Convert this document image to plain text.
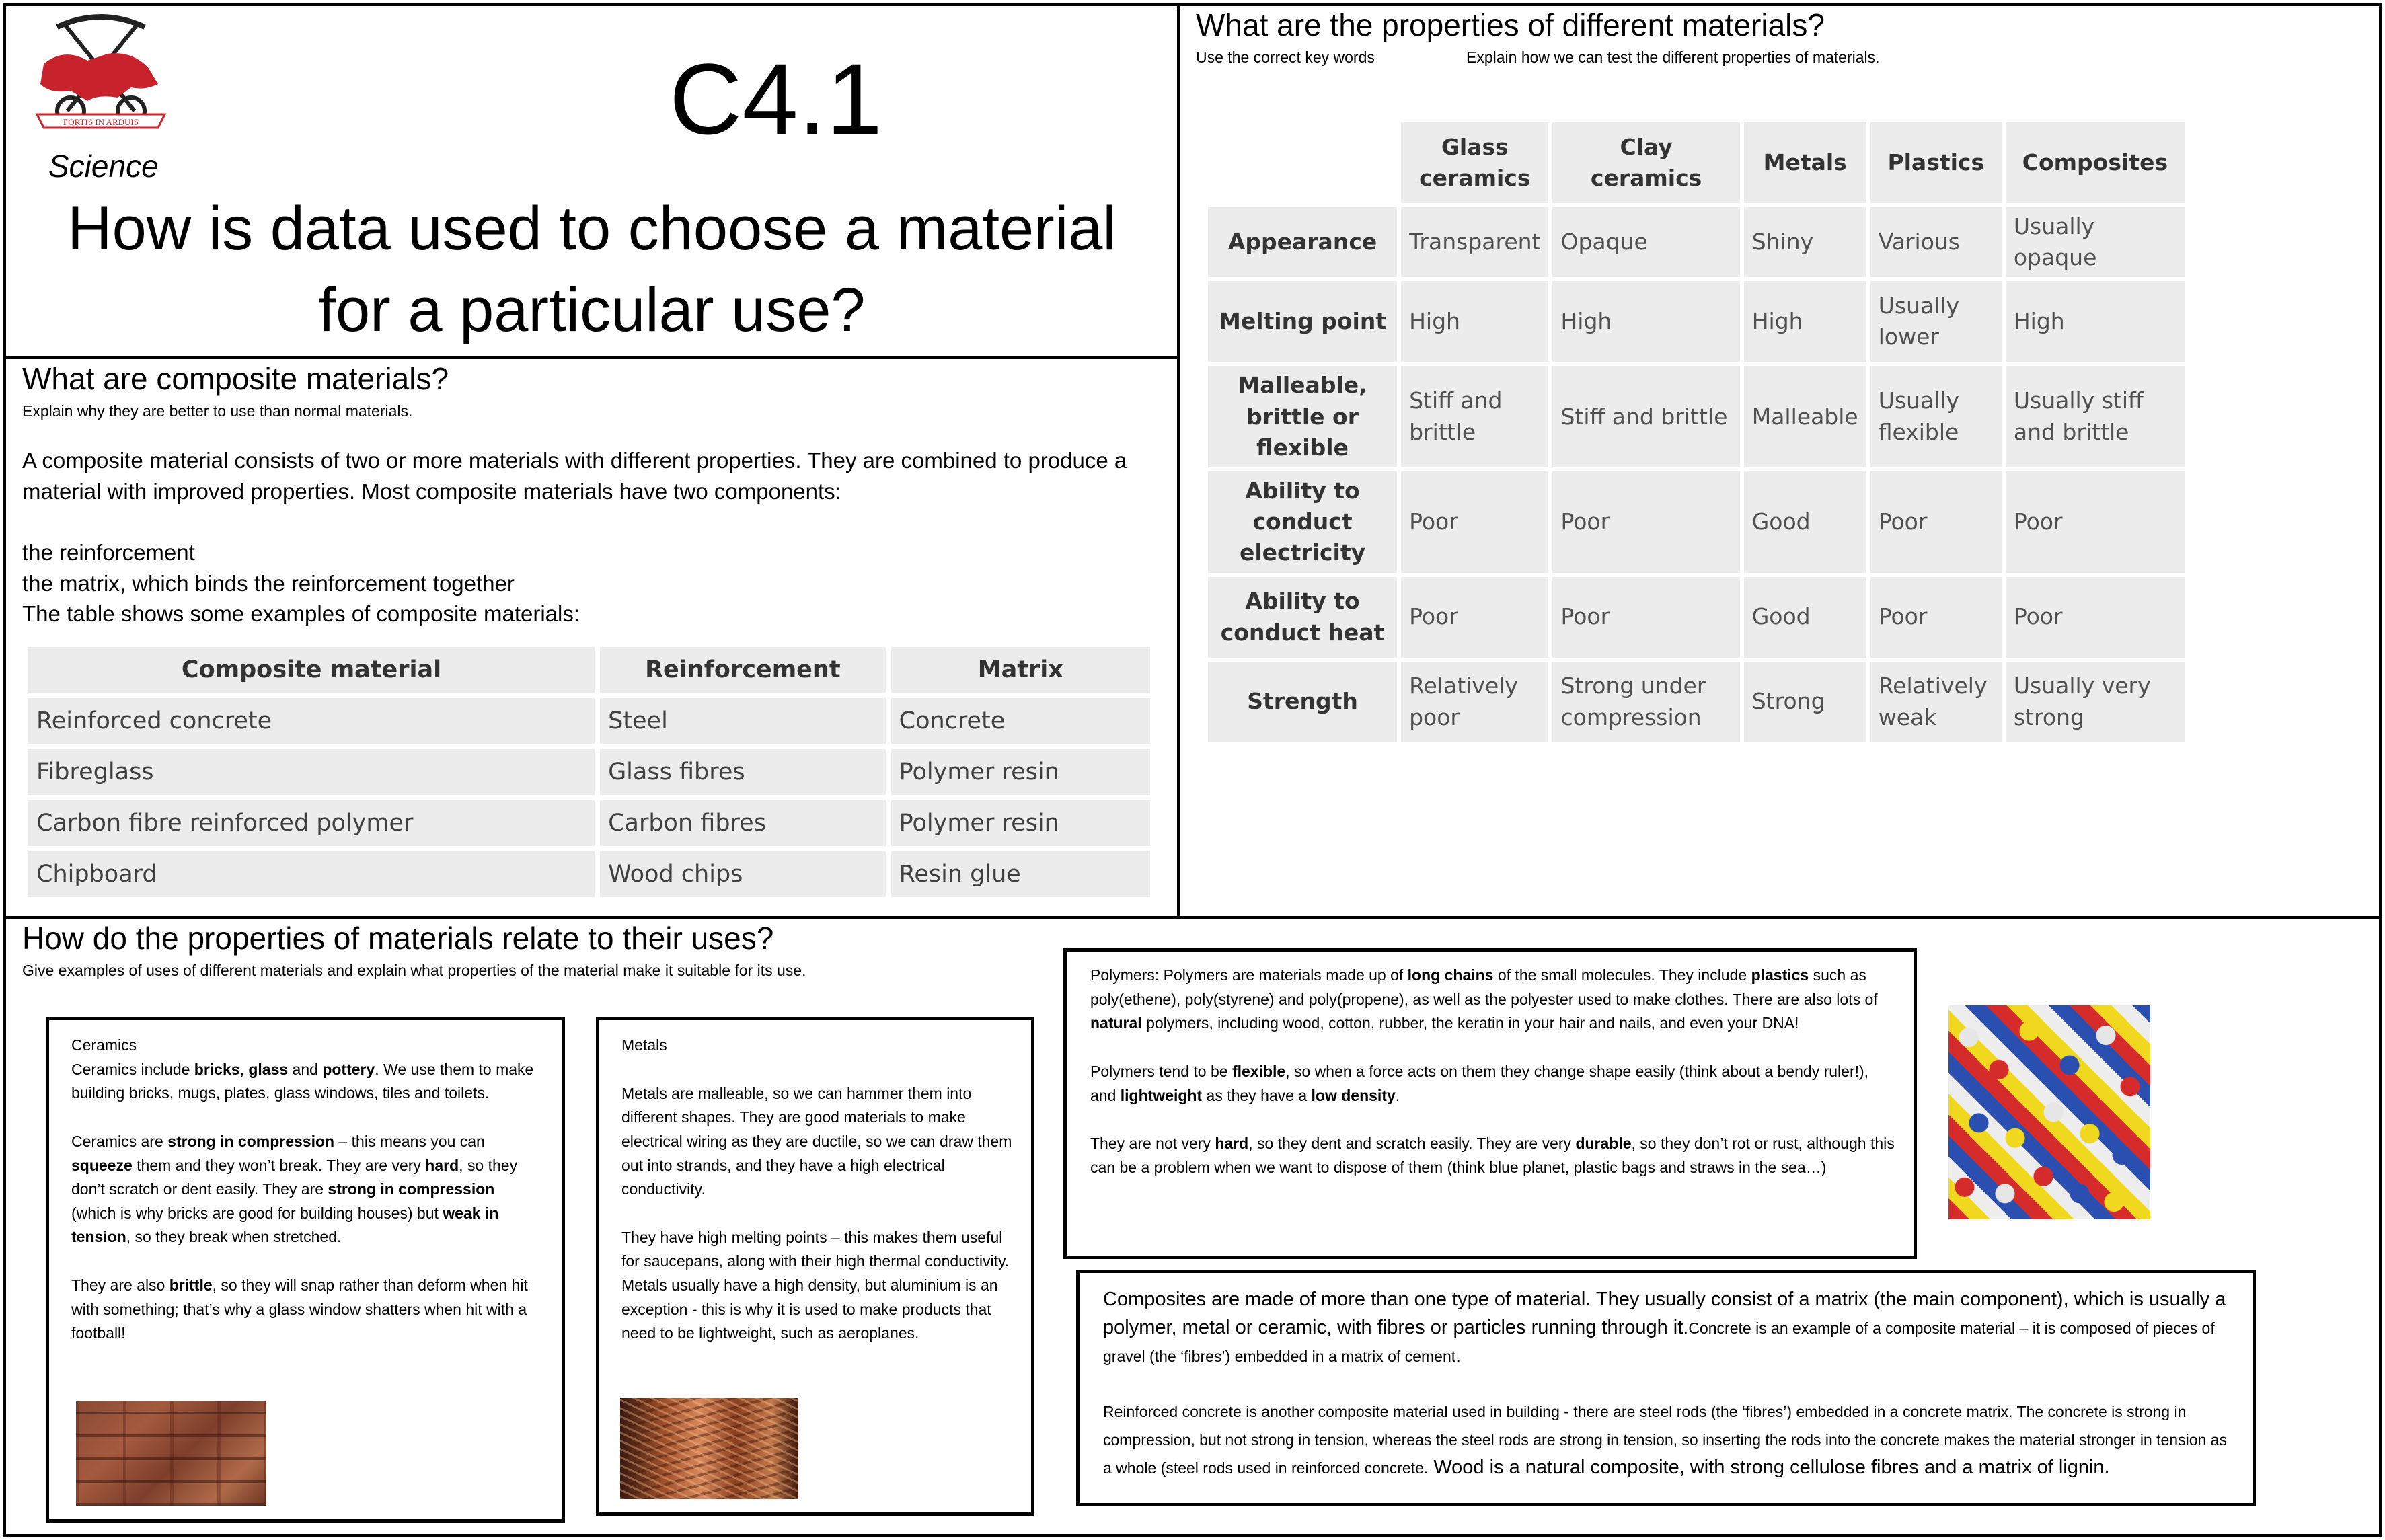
FORTIS IN ARDUIS
Science
C4.1
How is data used to choose a material for a particular use?
What are composite materials?
Explain why they are better to use than normal materials.
A composite material consists of two or more materials with different properties. They are combined to produce a material with improved properties. Most composite materials have two components:
the reinforcement
the matrix, which binds the reinforcement together
The table shows some examples of composite materials:
Composite material	Reinforcement	Matrix
Reinforced concrete	Steel	Concrete
Fibreglass	Glass fibres	Polymer resin
Carbon fibre reinforced polymer	Carbon fibres	Polymer resin
Chipboard	Wood chips	Resin glue
What are the properties of different materials?
Use the correct key words	Explain how we can test the different properties of materials.
	Glass ceramics	Clay ceramics	Metals	Plastics	Composites
Appearance	Transparent	Opaque	Shiny	Various	Usually opaque
Melting point	High	High	High	Usually lower	High
Malleable, brittle or flexible	Stiff and brittle	Stiff and brittle	Malleable	Usually flexible	Usually stiff and brittle
Ability to conduct electricity	Poor	Poor	Good	Poor	Poor
Ability to conduct heat	Poor	Poor	Good	Poor	Poor
Strength	Relatively poor	Strong under compression	Strong	Relatively weak	Usually very strong
How do the properties of materials relate to their uses?
Give examples of uses of different materials and explain what properties of the material make it suitable for its use.
Ceramics

Ceramics include bricks, glass and pottery. We use them to make building bricks, mugs, plates, glass windows, tiles and toilets.

Ceramics are strong in compression – this means you can squeeze them and they won’t break. They are very hard, so they don’t scratch or dent easily. They are strong in compression (which is why bricks are good for building houses) but weak in tension, so they break when stretched.

They are also brittle, so they will snap rather than deform when hit with something; that’s why a glass window shatters when hit with a football!

Metals

Metals are malleable, so we can hammer them into different shapes. They are good materials to make electrical wiring as they are ductile, so we can draw them out into strands, and they have a high electrical conductivity.

They have high melting points – this makes them useful for saucepans, along with their high thermal conductivity. Metals usually have a high density, but aluminium is an exception - this is why it is used to make products that need to be lightweight, such as aeroplanes.

Polymers: Polymers are materials made up of long chains of the small molecules. They include plastics such as poly(ethene), poly(styrene) and poly(propene), as well as the polyester used to make clothes. There are also lots of natural polymers, including wood, cotton, rubber, the keratin in your hair and nails, and even your DNA!

Polymers tend to be flexible, so when a force acts on them they change shape easily (think about a bendy ruler!), and lightweight as they have a low density.

They are not very hard, so they dent and scratch easily. They are very durable, so they don’t rot or rust, although this can be a problem when we want to dispose of them (think blue planet, plastic bags and straws in the sea…)

Composites are made of more than one type of material. They usually consist of a matrix (the main component), which is usually a polymer, metal or ceramic, with fibres or particles running through it.Concrete is an example of a composite material – it is composed of pieces of gravel (the ‘fibres’) embedded in a matrix of cement.
Reinforced concrete is another composite material used in building - there are steel rods (the ‘fibres’) embedded in a concrete matrix. The concrete is strong in compression, but not strong in tension, whereas the steel rods are strong in tension, so inserting the rods into the concrete makes the material stronger in tension as a whole (steel rods used in reinforced concrete. Wood is a natural composite, with strong cellulose fibres and a matrix of lignin.
